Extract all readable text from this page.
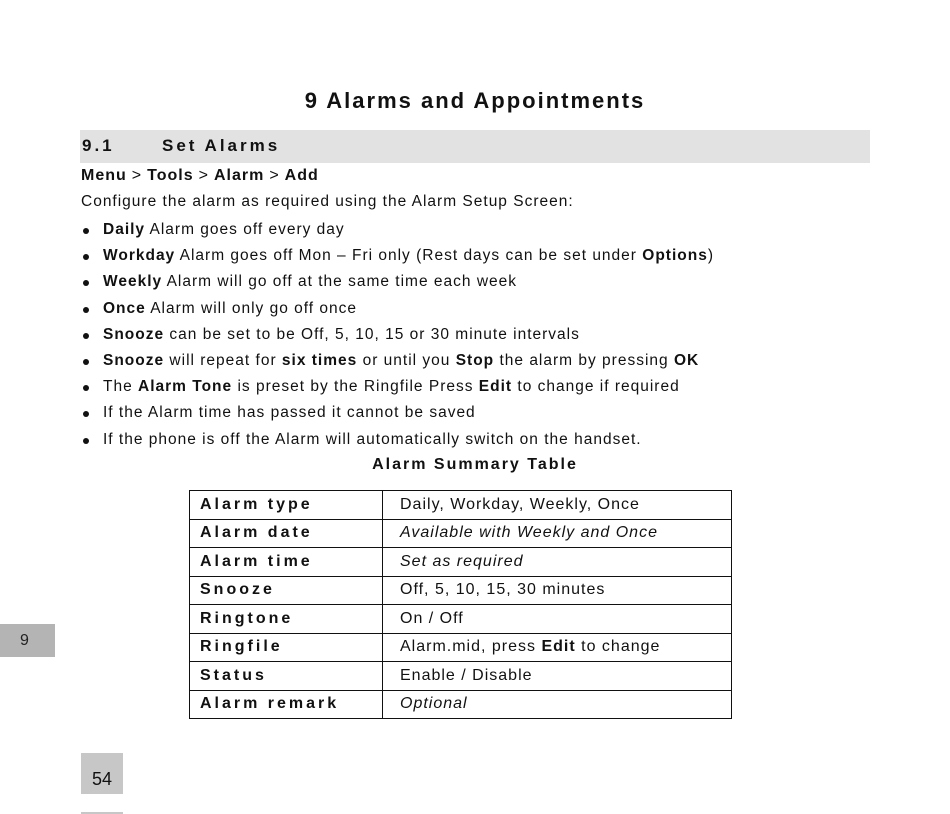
9 Alarms and Appointments
9.1	Set Alarms
Menu > Tools > Alarm > Add
Configure the alarm as required using the Alarm Setup Screen:
Daily Alarm goes off every day
Workday Alarm goes off Mon – Fri only (Rest days can be set under Options)
Weekly Alarm will go off at the same time each week
Once Alarm will only go off once
Snooze can be set to be Off, 5, 10, 15 or 30 minute intervals
Snooze will repeat for six times or until you Stop the alarm by pressing OK
The Alarm Tone is preset by the Ringfile Press Edit to change if required
If the Alarm time has passed it cannot be saved
If the phone is off the Alarm will automatically switch on the handset.
Alarm Summary Table
Alarm type	Daily, Workday, Weekly, Once
Alarm date	Available with Weekly and Once
Alarm time	Set as required
Snooze	Off, 5, 10, 15, 30 minutes
Ringtone	On / Off
Ringfile	Alarm.mid, press Edit to change
Status	Enable / Disable
Alarm remark	Optional
9
54
